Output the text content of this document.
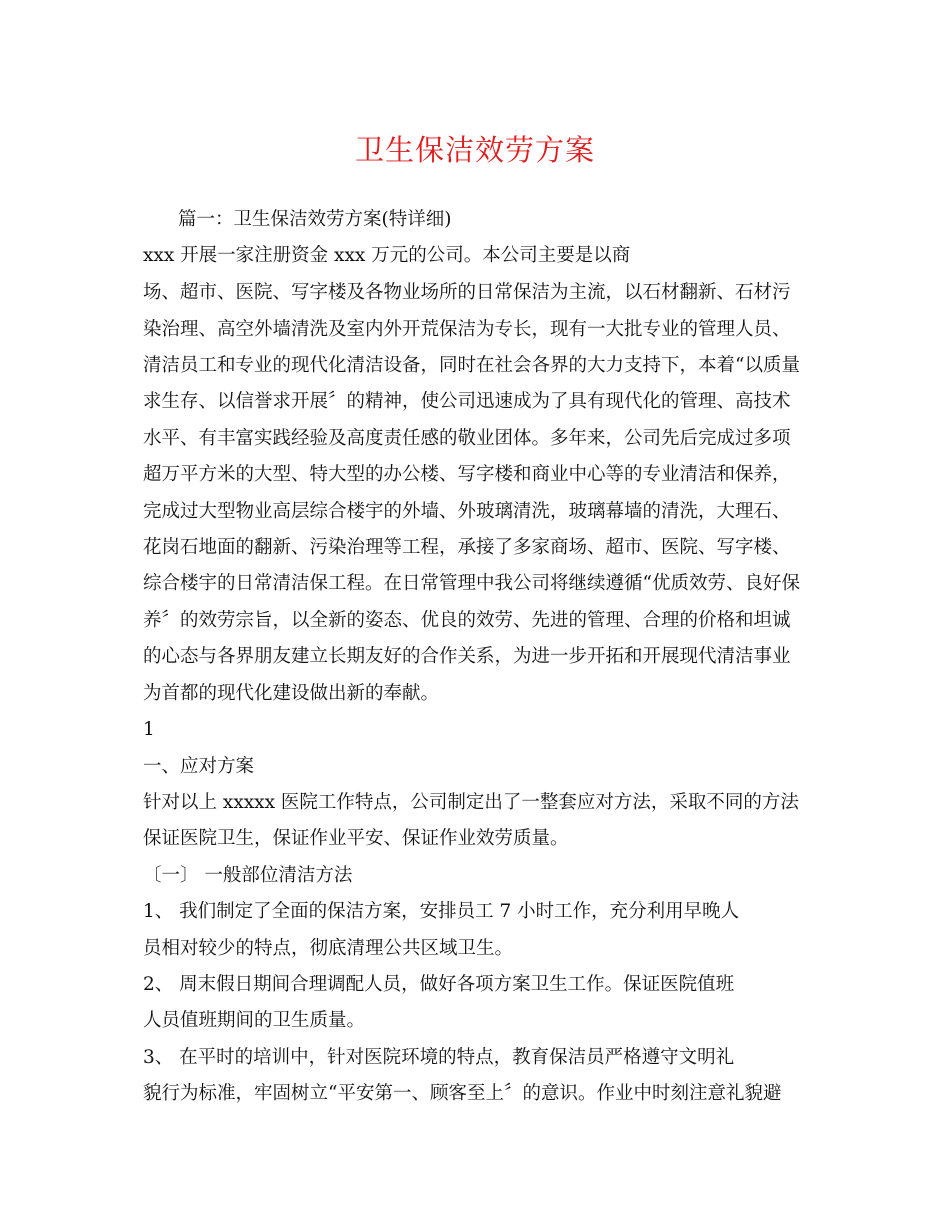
卫生保洁效劳方案
篇一：卫生保洁效劳方案(特详细)
xxx 开展一家注册资金 xxx 万元的公司。本公司主要是以商
场、超市、医院、写字楼及各物业场所的日常保洁为主流，以石材翻新、石材污
染治理、高空外墙清洗及室内外开荒保洁为专长，现有一大批专业的管理人员、
清洁员工和专业的现代化清洁设备，同时在社会各界的大力支持下，本着“以质量
求生存、以信誉求开展〞的精神，使公司迅速成为了具有现代化的管理、高技术
水平、有丰富实践经验及高度责任感的敬业团体。多年来，公司先后完成过多项
超万平方米的大型、特大型的办公楼、写字楼和商业中心等的专业清洁和保养，
完成过大型物业高层综合楼宇的外墙、外玻璃清洗，玻璃幕墙的清洗，大理石、
花岗石地面的翻新、污染治理等工程，承接了多家商场、超市、医院、写字楼、
综合楼宇的日常清洁保工程。在日常管理中我公司将继续遵循“优质效劳、良好保
养〞的效劳宗旨，以全新的姿态、优良的效劳、先进的管理、合理的价格和坦诚
的心态与各界朋友建立长期友好的合作关系，为进一步开拓和开展现代清洁事业
为首都的现代化建设做出新的奉献。
1
一、应对方案
针对以上 xxxxx 医院工作特点，公司制定出了一整套应对方法，采取不同的方法
保证医院卫生，保证作业平安、保证作业效劳质量。
〔一〕 一般部位清洁方法
1、 我们制定了全面的保洁方案，安排员工 7 小时工作，充分利用早晚人
员相对较少的特点，彻底清理公共区域卫生。
2、 周末假日期间合理调配人员，做好各项方案卫生工作。保证医院值班
人员值班期间的卫生质量。
3、 在平时的培训中，针对医院环境的特点，教育保洁员严格遵守文明礼
貌行为标准，牢固树立“平安第一、顾客至上〞的意识。作业中时刻注意礼貌避
